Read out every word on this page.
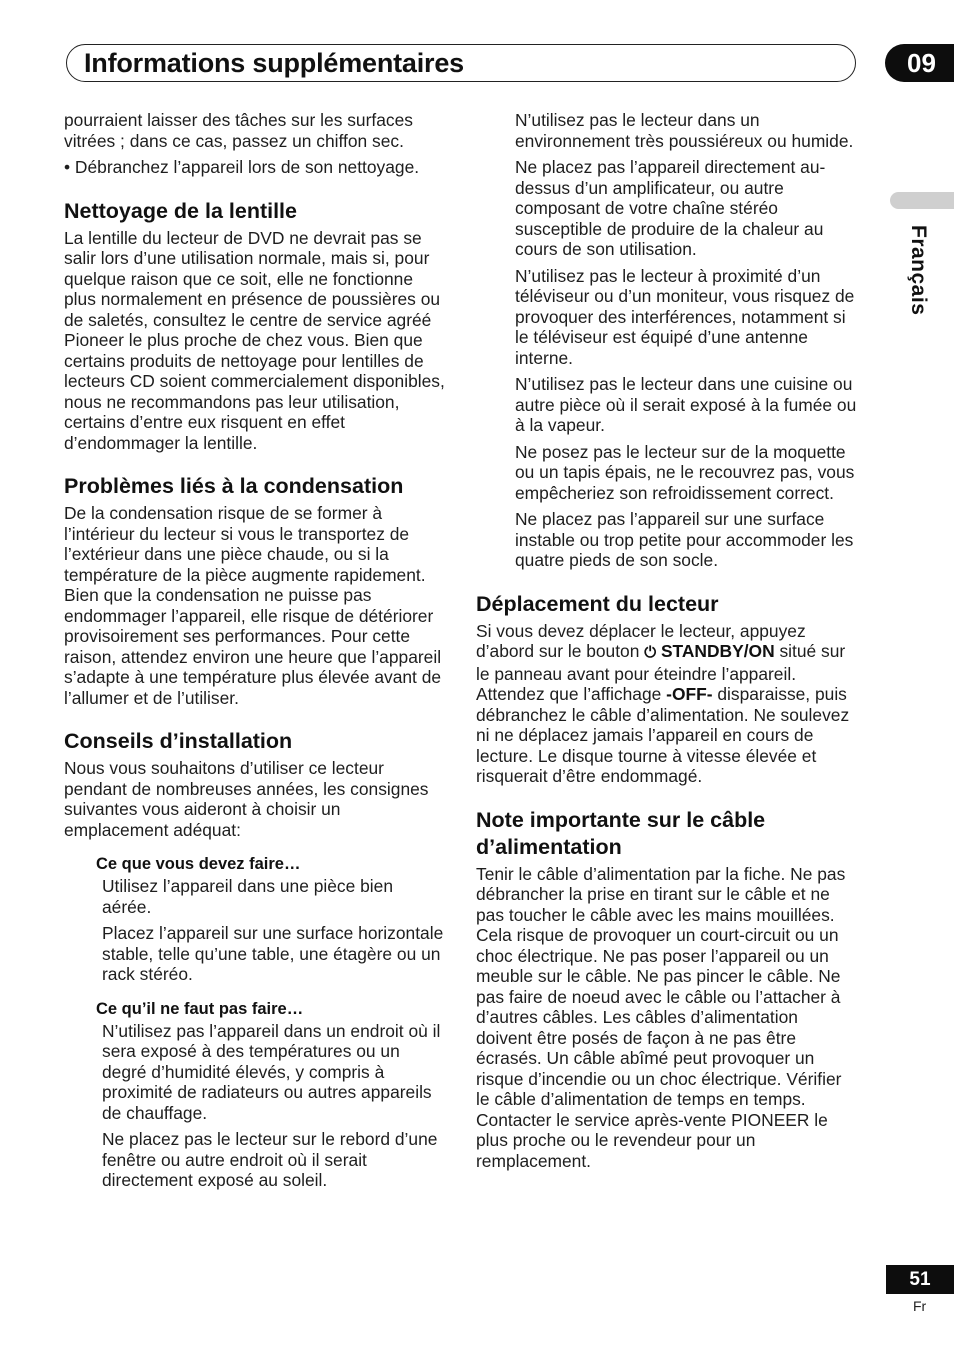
Informations supplémentaires	09
Français
51
Fr

pourraient laisser des tâches sur les surfaces vitrées ; dans ce cas, passez un chiffon sec.

• Débranchez l’appareil lors de son nettoyage.

Nettoyage de la lentille

La lentille du lecteur de DVD ne devrait pas se salir lors d’une utilisation normale, mais si, pour quelque raison que ce soit, elle ne fonctionne plus normalement en présence de poussières ou de saletés, consultez le centre de service agréé Pioneer le plus proche de chez vous. Bien que certains produits de nettoyage pour lentilles de lecteurs CD soient commercialement disponibles, nous ne recommandons pas leur utilisation, certains d’entre eux risquent en effet d’endommager la lentille.

Problèmes liés à la condensation

De la condensation risque de se former à l’intérieur du lecteur si vous le transportez de l’extérieur dans une pièce chaude, ou si la température de la pièce augmente rapidement. Bien que la condensation ne puisse pas endommager l’appareil, elle risque de détériorer provisoirement ses performances. Pour cette raison, attendez environ une heure que l’appareil s’adapte à une température plus élevée avant de l’allumer et de l’utiliser.

Conseils d’installation

Nous vous souhaitons d’utiliser ce lecteur pendant de nombreuses années, les consignes suivantes vous aideront à choisir un emplacement adéquat:

Ce que vous devez faire…

Utilisez l’appareil dans une pièce bien aérée.

Placez l’appareil sur une surface horizontale stable, telle qu’une table, une étagère ou un rack stéréo.

Ce qu’il ne faut pas faire…

N’utilisez pas l’appareil dans un endroit où il sera exposé à des températures ou un degré d’humidité élevés, y compris à proximité de radiateurs ou autres appareils de chauffage.

Ne placez pas le lecteur sur le rebord d’une fenêtre ou autre endroit où il serait directement exposé au soleil.

N’utilisez pas le lecteur dans un environnement très poussiéreux ou humide.

Ne placez pas l’appareil directement au-dessus d’un amplificateur, ou autre composant de votre chaîne stéréo susceptible de produire de la chaleur au cours de son utilisation.

N’utilisez pas le lecteur à proximité d’un téléviseur ou d’un moniteur, vous risquez de provoquer des interférences, notamment si le téléviseur est équipé d’une antenne interne.

N’utilisez pas le lecteur dans une cuisine ou autre pièce où il serait exposé à la fumée ou à la vapeur.

Ne posez pas le lecteur sur de la moquette ou un tapis épais, ne le recouvrez pas, vous empêcheriez son refroidissement correct.

Ne placez pas l’appareil sur une surface instable ou trop petite pour accommoder les quatre pieds de son socle.

Déplacement du lecteur

Si vous devez déplacer le lecteur, appuyez d’abord sur le bouton ⏻ STANDBY/ON situé sur le panneau avant pour éteindre l’appareil. Attendez que l’affichage -OFF- disparaisse, puis débranchez le câble d’alimentation. Ne soulevez ni ne déplacez jamais l’appareil en cours de lecture. Le disque tourne à vitesse élevée et risquerait d’être endommagé.

Note importante sur le câble d’alimentation

Tenir le câble d’alimentation par la fiche. Ne pas débrancher la prise en tirant sur le câble et ne pas toucher le câble avec les mains mouillées. Cela risque de provoquer un court-circuit ou un choc électrique. Ne pas poser l’appareil ou un meuble sur le câble. Ne pas pincer le câble. Ne pas faire de noeud avec le câble ou l’attacher à d’autres câbles. Les câbles d’alimentation doivent être posés de façon à ne pas être écrasés. Un câble abîmé peut provoquer un risque d’incendie ou un choc électrique. Vérifier le câble d’alimentation de temps en temps. Contacter le service après-vente PIONEER le plus proche ou le revendeur pour un remplacement.
